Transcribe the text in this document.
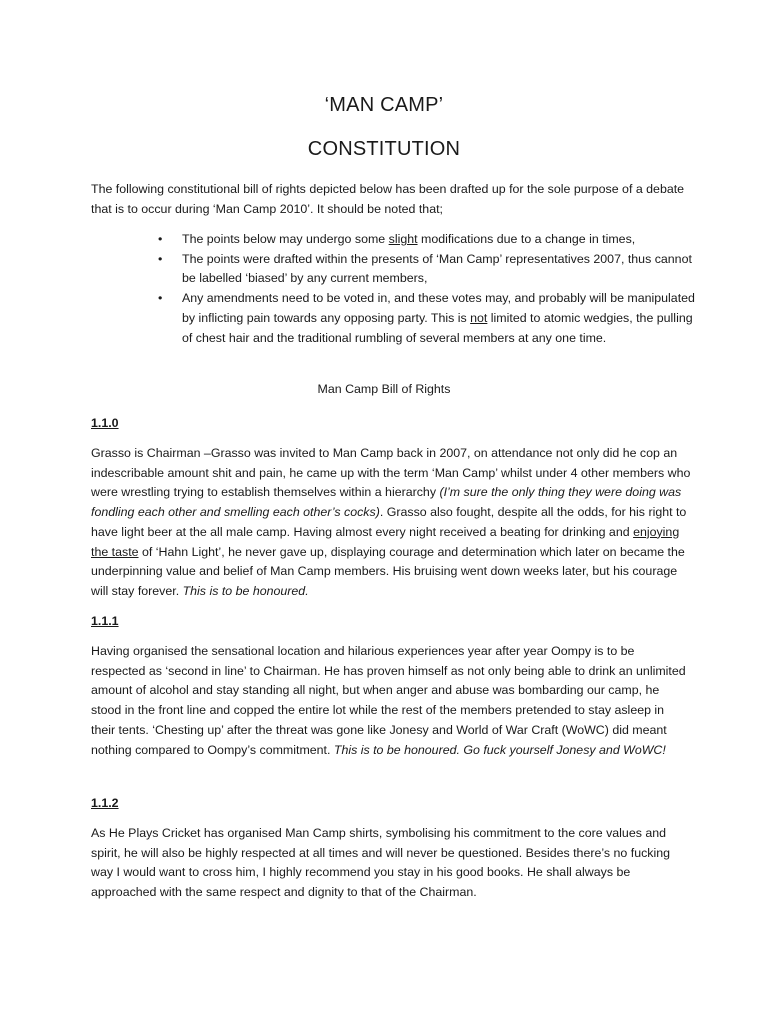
‘MAN CAMP’
CONSTITUTION

The following constitutional bill of rights depicted below has been drafted up for the sole purpose of a debate that is to occur during ‘Man Camp 2010’. It should be noted that;

• The points below may undergo some slight modifications due to a change in times,
• The points were drafted within the presents of ‘Man Camp’ representatives 2007, thus cannot be labelled ‘biased’ by any current members,
• Any amendments need to be voted in, and these votes may, and probably will be manipulated by inflicting pain towards any opposing party. This is not limited to atomic wedgies, the pulling of chest hair and the traditional rumbling of several members at any one time.
Man Camp Bill of Rights
1.1.0

Grasso is Chairman –Grasso was invited to Man Camp back in 2007, on attendance not only did he cop an indescribable amount shit and pain, he came up with the term ‘Man Camp’ whilst under 4 other members who were wrestling trying to establish themselves within a hierarchy (I’m sure the only thing they were doing was fondling each other and smelling each other’s cocks). Grasso also fought, despite all the odds, for his right to have light beer at the all male camp. Having almost every night received a beating for drinking and enjoying the taste of ‘Hahn Light’, he never gave up, displaying courage and determination which later on became the underpinning value and belief of Man Camp members. His bruising went down weeks later, but his courage will stay forever. This is to be honoured.

1.1.1

Having organised the sensational location and hilarious experiences year after year Oompy is to be respected as ‘second in line’ to Chairman. He has proven himself as not only being able to drink an unlimited amount of alcohol and stay standing all night, but when anger and abuse was bombarding our camp, he stood in the front line and copped the entire lot while the rest of the members pretended to stay asleep in their tents. ‘Chesting up’ after the threat was gone like Jonesy and World of War Craft (WoWC) did meant nothing compared to Oompy’s commitment. This is to be honoured. Go fuck yourself Jonesy and WoWC!

1.1.2

As He Plays Cricket has organised Man Camp shirts, symbolising his commitment to the core values and spirit, he will also be highly respected at all times and will never be questioned. Besides there’s no fucking way I would want to cross him, I highly recommend you stay in his good books. He shall always be approached with the same respect and dignity to that of the Chairman.
